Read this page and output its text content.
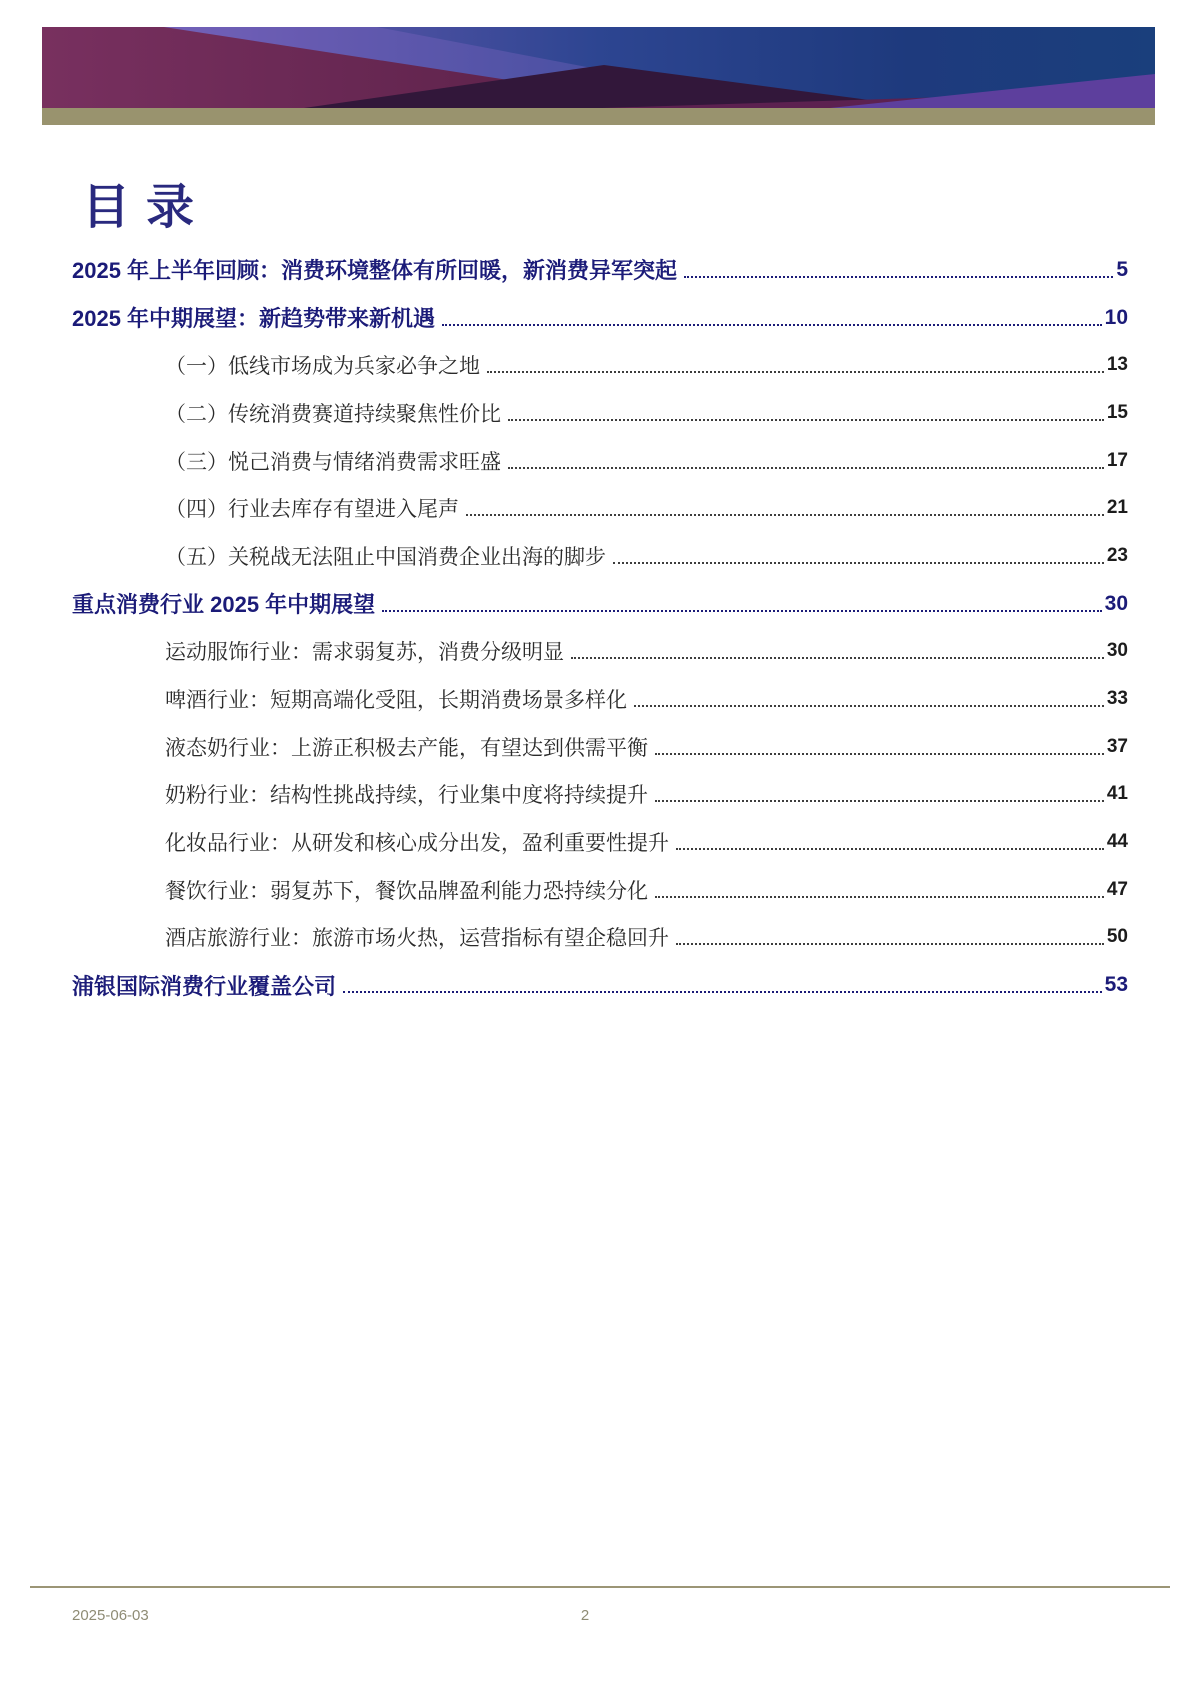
目 录
2025 年上半年回顾：消费环境整体有所回暖，新消费异军突起	5
2025 年中期展望：新趋势带来新机遇	10
（一）低线市场成为兵家必争之地	13
（二）传统消费赛道持续聚焦性价比	15
（三）悦己消费与情绪消费需求旺盛	17
（四）行业去库存有望进入尾声	21
（五）关税战无法阻止中国消费企业出海的脚步	23
重点消费行业 2025 年中期展望	30
运动服饰行业：需求弱复苏，消费分级明显	30
啤酒行业：短期高端化受阻，长期消费场景多样化	33
液态奶行业：上游正积极去产能，有望达到供需平衡	37
奶粉行业：结构性挑战持续，行业集中度将持续提升	41
化妆品行业：从研发和核心成分出发，盈利重要性提升	44
餐饮行业：弱复苏下，餐饮品牌盈利能力恐持续分化	47
酒店旅游行业：旅游市场火热，运营指标有望企稳回升	50
浦银国际消费行业覆盖公司	53
2025-06-03	2
